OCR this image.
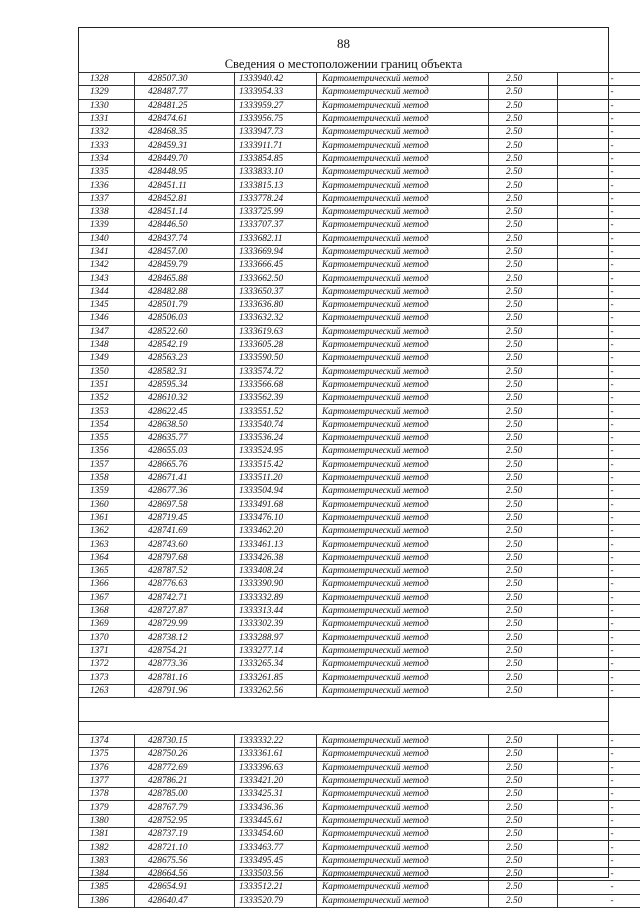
88
Сведения о местоположении границ объекта
1328	428507.30	1333940.42	Картометрический метод	2.50	-
1329	428487.77	1333954.33	Картометрический метод	2.50	-
1330	428481.25	1333959.27	Картометрический метод	2.50	-
1331	428474.61	1333956.75	Картометрический метод	2.50	-
1332	428468.35	1333947.73	Картометрический метод	2.50	-
1333	428459.31	1333911.71	Картометрический метод	2.50	-
1334	428449.70	1333854.85	Картометрический метод	2.50	-
1335	428448.95	1333833.10	Картометрический метод	2.50	-
1336	428451.11	1333815.13	Картометрический метод	2.50	-
1337	428452.81	1333778.24	Картометрический метод	2.50	-
1338	428451.14	1333725.99	Картометрический метод	2.50	-
1339	428446.50	1333707.37	Картометрический метод	2.50	-
1340	428437.74	1333682.11	Картометрический метод	2.50	-
1341	428457.00	1333669.94	Картометрический метод	2.50	-
1342	428459.79	1333666.45	Картометрический метод	2.50	-
1343	428465.88	1333662.50	Картометрический метод	2.50	-
1344	428482.88	1333650.37	Картометрический метод	2.50	-
1345	428501.79	1333636.80	Картометрический метод	2.50	-
1346	428506.03	1333632.32	Картометрический метод	2.50	-
1347	428522.60	1333619.63	Картометрический метод	2.50	-
1348	428542.19	1333605.28	Картометрический метод	2.50	-
1349	428563.23	1333590.50	Картометрический метод	2.50	-
1350	428582.31	1333574.72	Картометрический метод	2.50	-
1351	428595.34	1333566.68	Картометрический метод	2.50	-
1352	428610.32	1333562.39	Картометрический метод	2.50	-
1353	428622.45	1333551.52	Картометрический метод	2.50	-
1354	428638.50	1333540.74	Картометрический метод	2.50	-
1355	428635.77	1333536.24	Картометрический метод	2.50	-
1356	428655.03	1333524.95	Картометрический метод	2.50	-
1357	428665.76	1333515.42	Картометрический метод	2.50	-
1358	428671.41	1333511.20	Картометрический метод	2.50	-
1359	428677.36	1333504.94	Картометрический метод	2.50	-
1360	428697.58	1333491.68	Картометрический метод	2.50	-
1361	428719.45	1333476.10	Картометрический метод	2.50	-
1362	428741.69	1333462.20	Картометрический метод	2.50	-
1363	428743.60	1333461.13	Картометрический метод	2.50	-
1364	428797.68	1333426.38	Картометрический метод	2.50	-
1365	428787.52	1333408.24	Картометрический метод	2.50	-
1366	428776.63	1333390.90	Картометрический метод	2.50	-
1367	428742.71	1333332.89	Картометрический метод	2.50	-
1368	428727.87	1333313.44	Картометрический метод	2.50	-
1369	428729.99	1333302.39	Картометрический метод	2.50	-
1370	428738.12	1333288.97	Картометрический метод	2.50	-
1371	428754.21	1333277.14	Картометрический метод	2.50	-
1372	428773.36	1333265.34	Картометрический метод	2.50	-
1373	428781.16	1333261.85	Картометрический метод	2.50	-
1263	428791.96	1333262.56	Картометрический метод	2.50	-
1374	428730.15	1333332.22	Картометрический метод	2.50	-
1375	428750.26	1333361.61	Картометрический метод	2.50	-
1376	428772.69	1333396.63	Картометрический метод	2.50	-
1377	428786.21	1333421.20	Картометрический метод	2.50	-
1378	428785.00	1333425.31	Картометрический метод	2.50	-
1379	428767.79	1333436.36	Картометрический метод	2.50	-
1380	428752.95	1333445.61	Картометрический метод	2.50	-
1381	428737.19	1333454.60	Картометрический метод	2.50	-
1382	428721.10	1333463.77	Картометрический метод	2.50	-
1383	428675.56	1333495.45	Картометрический метод	2.50	-
1384	428664.56	1333503.56	Картометрический метод	2.50	-
1385	428654.91	1333512.21	Картометрический метод	2.50	-
1386	428640.47	1333520.79	Картометрический метод	2.50	-
